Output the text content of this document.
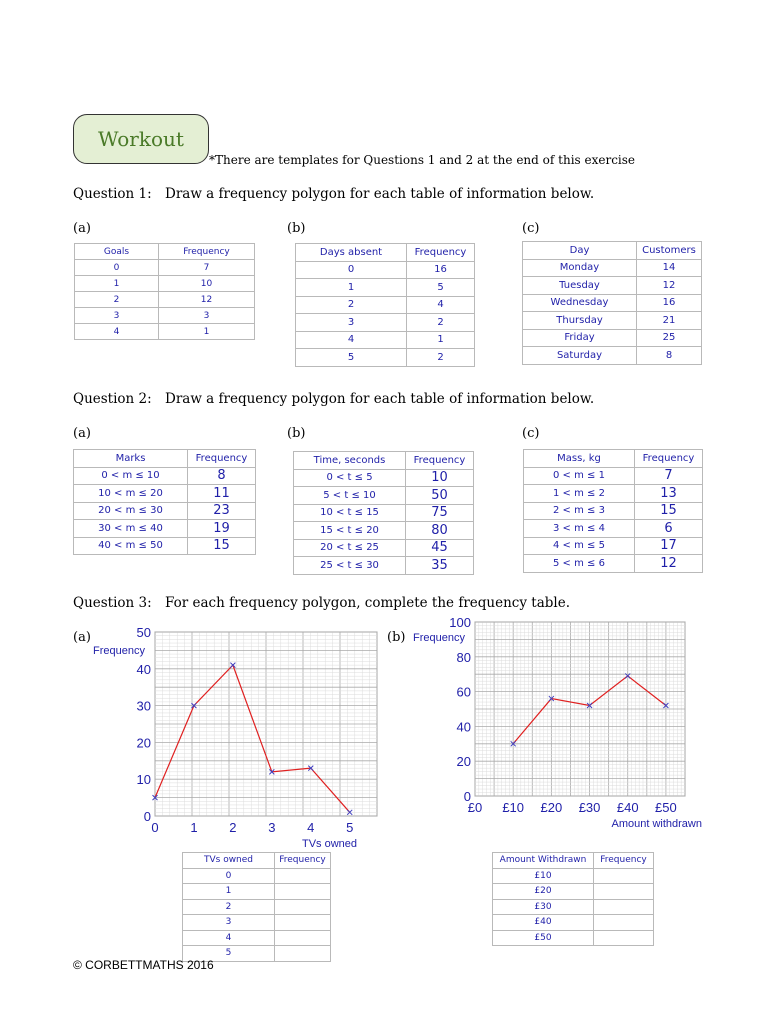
Workout
*There are templates for Questions 1 and 2 at the end of this exercise
Question 1: Draw a frequency polygon for each table of information below.
(a)	(b)	(c)
Goals	Frequency
0	7
1	10
2	12
3	3
4	1
Days absent	Frequency
0	16
1	5
2	4
3	2
4	1
5	2
Day	Customers
Monday	14
Tuesday	12
Wednesday	16
Thursday	21
Friday	25
Saturday	8
Question 2: Draw a frequency polygon for each table of information below.
(a)	(b)	(c)
Marks	Frequency
0 < m ≤ 10	8
10 < m ≤ 20	11
20 < m ≤ 30	23
30 < m ≤ 40	19
40 < m ≤ 50	15
Time, seconds	Frequency
0 < t ≤ 5	10
5 < t ≤ 10	50
10 < t ≤ 15	75
15 < t ≤ 20	80
20 < t ≤ 25	45
25 < t ≤ 30	35
Mass, kg	Frequency
0 < m ≤ 1	7
1 < m ≤ 2	13
2 < m ≤ 3	15
3 < m ≤ 4	6
4 < m ≤ 5	17
5 < m ≤ 6	12
Question 3: For each frequency polygon, complete the frequency table.
(a)	(b)
0
10
20
30
40
50
0 1 2 3 4 5
Frequency
TVs owned
0
20
40
60
80
100
£0 £10 £20 £30 £40 £50
Frequency
Amount withdrawn
TVs owned	Frequency
0	
1	
2	
3	
4	
5	
Amount Withdrawn	Frequency
£10	
£20	
£30	
£40	
£50	
© CORBETTMATHS 2016
